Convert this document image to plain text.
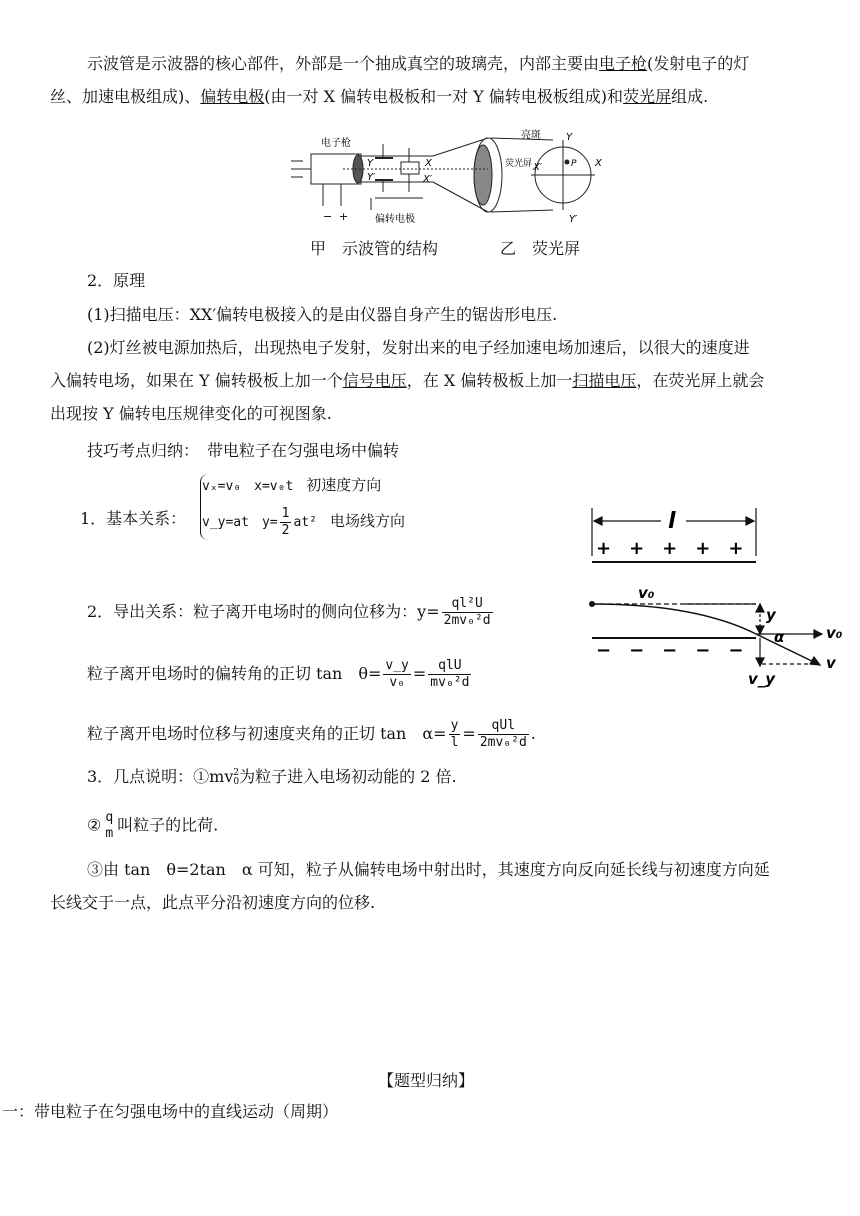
示波管是示波器的核心部件，外部是一个抽成真空的玻璃壳，内部主要由电子枪(发射电子的灯
丝、加速电极组成)、偏转电极(由一对 X 偏转电极板和一对 Y 偏转电极板组成)和荧光屏组成.
电子枪
偏转电极
亮斑
荧光屏
− +
Y
Y′
X
X′
Y
Y′
X′	X
P
甲　示波管的结构	乙　荧光屏
2．原理
(1)扫描电压：XX′偏转电极接入的是由仪器自身产生的锯齿形电压.
(2)灯丝被电源加热后，出现热电子发射，发射出来的电子经加速电场加速后，以很大的速度进
入偏转电场，如果在 Y 偏转极板上加一个信号电压，在 X 偏转极板上加一扫描电压，在荧光屏上就会
出现按 Y 偏转电压规律变化的可视图象.
技巧考点归纳：　 带电粒子在匀强电场中偏转
1．基本关系：
vₓ=v₀　x=v₀t　 初速度方向
v_y=at　$y= \frac{1}{2} at^2$　 电场线方向
2．导出关系：粒子离开电场时的侧向位移为：$y= \frac{\text{ql²U}}{\text{2mv₀²d}}$
粒子离开电场时的偏转角的正切 tan　$\theta= \frac{v\_y}{\text{v₀}} = \frac{\text{qlU}}{\text{mv₀²d}}$
粒子离开电场时位移与初速度夹角的正切 tan　$\alpha= \frac{y}{l} = \frac{\text{qUl}}{\text{2mv₀²d}}$ .
l
+　+　+　+　+
−　−　−　−　−
v₀
y
α	v₀
v
v_y
3．几点说明：①mv 2
0 为粒子进入电场初动能的 2 倍.
② q
m 叫粒子的比荷.
③由 tan　θ=2tan　α 可知，粒子从偏转电场中射出时，其速度方向反向延长线与初速度方向延
长线交于一点，此点平分沿初速度方向的位移.
【题型归纳】
一：带电粒子在匀强电场中的直线运动（周期）
